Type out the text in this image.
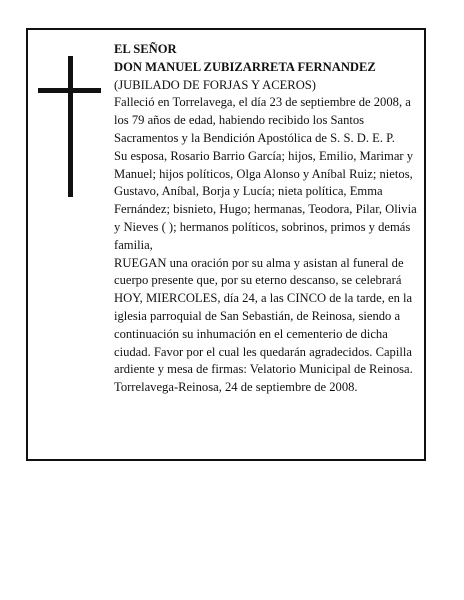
EL SEÑOR

DON MANUEL ZUBIZARRETA FERNANDEZ

(JUBILADO DE FORJAS Y ACEROS)

Falleció en Torrelavega, el día 23 de septiembre de 2008, a los 79 años de edad, habiendo recibido los Santos Sacramentos y la Bendición Apostólica de S. S. D. E. P.

Su esposa, Rosario Barrio García; hijos, Emilio, Marimar y Manuel; hijos políticos, Olga Alonso y Aníbal Ruiz; nietos, Gustavo, Aníbal, Borja y Lucía; nieta política, Emma Fernández; bisnieto, Hugo; hermanas, Teodora, Pilar, Olivia y Nieves ( ); hermanos políticos, sobrinos, primos y demás familia,

RUEGAN una oración por su alma y asistan al funeral de cuerpo presente que, por su eterno descanso, se celebrará HOY, MIERCOLES, día 24, a las CINCO de la tarde, en la iglesia parroquial de San Sebastián, de Reinosa, siendo a continuación su inhumación en el cementerio de dicha ciudad. Favor por el cual les quedarán agradecidos. Capilla ardiente y mesa de firmas: Velatorio Municipal de Reinosa.

Torrelavega-Reinosa, 24 de septiembre de 2008.
